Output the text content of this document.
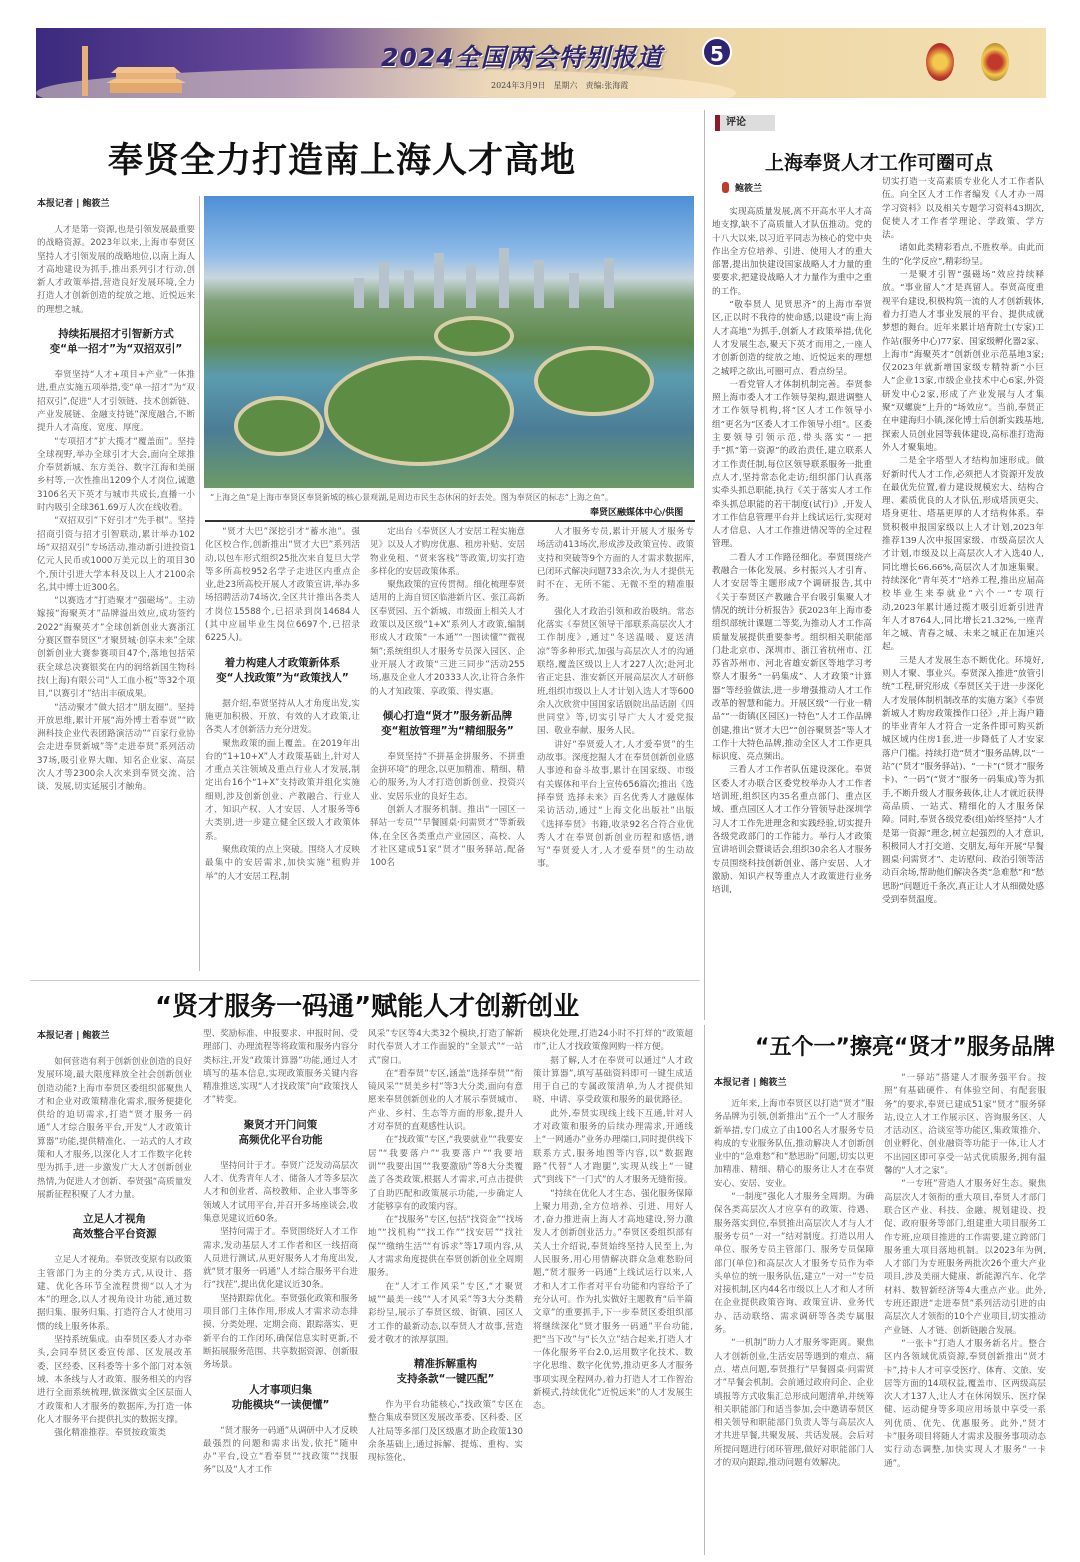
2024全国两会特别报道	5
2024年3月9日　星期六　责编:张海霞
奉贤全力打造南上海人才高地
本报记者 | 鲍筱兰

人才是第一资源,也是引领发展最重要的战略资源。2023年以来,上海市奉贤区坚持人才引领发展的战略地位,以南上海人才高地建设为抓手,推出系列引才行动,创新人才政策举措,营造良好发展环境,全力打造人才创新创造的绽放之地、近悦远来的理想之城。

持续拓展招才引智新方式
变“单一招才”为“双招双引”

奉贤坚持“人才+项目+产业”一体推进,重点实施五项举措,变“单一招才”为“双招双引”,促进“人才引领链、技术创新链、产业发展链、金融支持链”深度融合,不断提升人才高度、宽度、厚度。

“专项招才”扩大揽才“覆盖面”。坚持全球视野,举办全球引才大会,面向全球推介奉贤新城、东方美谷、数字江海和美丽乡村等,一次性推出1209个人才岗位,诚邀3106名天下英才与城市共成长,直播一小时内吸引全球361.69万人次在线收看。

“双招双引”下好引才“先手棋”。坚持招商引资与招才引智联动,累计举办102场“双招双引”专场活动,推动新引进投资1亿元人民币或1000万美元以上的项目30个,预计引进大学本科及以上人才2100余名,其中博士近300名。

“以赛选才”打造聚才“强磁场”。主动嫁接“海聚英才”品牌溢出效应,成功签约2022“海聚英才”全球创新创业大赛浙江分赛区暨奉贤区“才聚贤城·创享未来”全球创新创业大赛参赛项目47个,落地包括荣获全球总决赛银奖在内的润络新国生物科技(上海)有限公司“人工血小板”等32个项目,“以赛引才”结出丰硕成果。

“活动聚才”做大招才“朋友圈”。坚持开放思维,累计开展“海外博士看奉贤”“欧洲科技企业代表团路演活动”“百家行业协会走进奉贤新城”等“走进奉贤”系列活动37场,吸引业界大咖、知名企业家、高层次人才等2300余人次来到奉贤交流、洽谈、发展,切实延展引才触角。

“上海之鱼”是上海市奉贤区奉贤新城的核心景观湖,是周边市民生态休闲的好去处。图为奉贤区的标志“上海之鱼”。
奉贤区融媒体中心/供图

“贤才大巴”深挖引才“蓄水池”。强化区校合作,创新推出“贤才大巴”系列活动,以包车形式组织25批次来自复旦大学等多所高校952名学子走进区内重点企业,赴23所高校开展人才政策宣讲,举办多场招聘活动74场次,全区共计推出各类人才岗位15588个,已招录到岗14684人(其中应届毕业生岗位6697个,已招录6225人)。

着力构建人才政策新体系
变“人找政策”为“政策找人”

据介绍,奉贤坚持从人才角度出发,实施更加积极、开放、有效的人才政策,让各类人才创新活力充分迸发。

聚焦政策的面上覆盖。在2019年出台的“1+10+X”人才政策基础上,针对人才重点关注领域及重点行业人才发展,制定出台16个“1+X”支持政策并组化实施细则,涉及创新创业、产教融合、行业人才、知识产权、人才安居、人才服务等6大类别,进一步建立健全区级人才政策体系。

聚焦政策的点上突破。围绕人才反映最集中的安居需求,加快实施“租购并举”的人才安居工程,制

定出台《奉贤区人才安居工程实施意见》以及人才购房优惠、租房补贴、安居物业免租、“贤来客栈”等政策,切实打造多样化的安居政策体系。

聚焦政策的宣传贯彻。细化梳理奉贤适用的上海自贸区临港新片区、张江高新区奉贤园、五个新城、市级面上相关人才政策以及区级“1+X”系列人才政策,编制形成人才政策“一本通”“一图读懂”“微视频”;系统组织人才服务专员深入园区、企业开展人才政策“三进三同步”活动255场,惠及企业人才20333人次,让符合条件的人才知政策、享政策、得实惠。

倾心打造“贤才”服务新品牌
变“粗放管理”为“精细服务”

奉贤坚持“不拼基金拼服务、不拼重金拼环境”的理念,以更加精准、精细、精心的服务,为人才打造创新创业、投资兴业、安居乐业的良好生态。

创新人才服务机制。推出“一园区一驿站一专员”“早餐圆桌·问需贤才”等新载体,在全区各类重点产业园区、高校、人才社区建成51家“贤才”服务驿站,配备100名

人才服务专员,累计开展人才服务专场活动413场次,形成涉及政策宣传、政策支持和突破等9个方面的人才需求数据库,已闭环式解决问题733余次,为人才提供无时不在、无所不能、无微不至的精准服务。

强化人才政治引领和政治吸纳。常态化落实《奉贤区领导干部联系高层次人才工作制度》,通过“冬送温暖、夏送清凉”等多种形式,加强与高层次人才的沟通联络,覆盖区级以上人才227人次;赴河北省正定县、淮安新区开展高层次人才研修班,组织市级以上人才计划入选人才等600余人次欣赏中国国家话剧院出品话剧《四世同堂》等,切实引导广大人才爱党报国、敬业奉献、服务人民。

讲好“奉贤爱人才,人才爱奉贤”的生动故事。深度挖掘人才在奉贤创新创业感人事迹和奋斗故事,累计在国家级、市级有关媒体和平台上宣传656篇次;推出《选择奉贤 选择未来》百名优秀人才融媒体采访活动,通过“上海文化出版社”出版《选择奉贤》书籍,收录92名合符合业优秀人才在奉贤创新创业历程和感悟,谱写“奉贤爱人才,人才爱奉贤”的生动故事。

评论
上海奉贤人才工作可圈可点
鲍筱兰

实现高质量发展,离不开高水平人才高地支撑,缺不了高质量人才队伍推动。党的十八大以来,以习近平同志为核心的党中央作出全方位培养、引进、使用人才的重大部署,提出加快建设国家战略人才力量的重要要求,把建设战略人才力量作为重中之重的工作。

“敬奉贤人 见贤思齐”的上海市奉贤区,正以时不我待的使命感,以建设“南上海人才高地”为抓手,创新人才政策举措,优化人才发展生态,聚天下英才而用之,一座人才创新创造的绽放之地、近悦远来的理想之城呼之欲出,可圈可点、看点纷呈。

一看党管人才体制机制完善。奉贤参照上海市委人才工作领导架构,跟进调整人才工作领导机构,将“区人才工作领导小组”更名为“区委人才工作领导小组”。区委主要领导引领示范,带头落实“一把手”抓“第一资源”的政治责任,建立联系人才工作责任制,每位区领导联系服务一批重点人才,坚持常态化走访;组织部门认真落实牵头抓总职能,执行《关于落实人才工作牵头抓总职能的若干制度(试行)》,开发人才工作信息管理平台并上线试运行,实现对人才信息、人才工作推进情况等的全过程管理。

二看人才工作路径细化。奉贤围绕产教融合一体化发展、乡村振兴人才引育、人才安居等主题形成7个调研报告,其中《关于奉贤区产教融合平台吸引集聚人才情况的统计分析报告》获2023年上海市委组织部统计课题二等奖,为推动人才工作高质量发展提供重要参考。组织相关职能部门赴北京市、深圳市、浙江省杭州市、江苏省苏州市、河北省雄安新区等地学习考察人才服务“一码集成”、人才政策“计算器”等经验做法,进一步增强推动人才工作改革的智慧和能力。开展区级“一行业一精品”“一街镇(区园区)一特色”人才工作品牌创建,推出“贤才大巴”“创谷聚贤荟”等人才工作十大特色品牌,推动全区人才工作更具标识度、亮点频出。

三看人才工作者队伍建设深化。奉贤区委人才办联合区委党校举办人才工作者培训班,组织区内35名重点部门、重点区域、重点园区人才工作分管领导赴深圳学习人才工作先进理念和实践经验,切实提升各级党政部门的工作能力。举行人才政策宣讲培训会暨谈话会,组织30余名人才服务专员围绕科技创新创业、落户安居、人才激励、知识产权等重点人才政策进行业务培训,

切实打造一支高素质专业化人才工作者队伍。向全区人才工作者编发《人才办一周学习资料》以及相关专题学习资料43期次,促使人才工作者学理论、学政策、学方法。

诸如此类精彩看点,不胜枚举。由此而生的“化学反应”,精彩纷呈。

一是聚才引智“强磁场”效应持续释放。“事业留人”才是真留人。奉贤高度重视平台建设,积极构筑一流的人才创新载体,着力打造人才事业发展的平台、提供成就梦想的舞台。近年来累计培育院士(专家)工作站(服务中心)77家、国家级孵化器2家、上海市“海聚英才”创新创业示范基地3家;仅2023年就新增国家级专精特新“小巨人”企业13家,市级企业技术中心6家,外资研发中心2家,形成了产业发展与人才集聚“双螺旋”上升的“场效应”。当前,奉贤正在申建海归小镇,深化博士后创新实践基地,探索人员创业园等载体建设,高标准打造海外人才聚集地。

二是全字塔型人才结构加速形成。做好新时代人才工作,必须把人才资源开发放在最优先位置,着力建设规模宏大、结构合理、素质优良的人才队伍,形成塔顶更尖、塔身更壮、塔基更厚的人才结构体系。奉贤积极申报国家级以上人才计划,2023年推荐139人次申报国家级、市级高层次人才计划,市级及以上高层次人才入选40人,同比增长66.66%,高层次人才加速集聚。持续深化“青年英才”培养工程,推出应届高校毕业生来奉就业“六个一”专项行动,2023年累计通过揽才吸引近新引进青年人才8764人,同比增长21.32%,一座青年之城、青春之城、未来之城正在加速兴起。

三是人才发展生态不断优化。环境好,则人才聚、事业兴。奉贤深入推进“放管引统”工程,研究形成《奉贤区关于进一步深化人才发展体制机制改革的实施方案》《奉贤新城人才购房政策操作口径》,并上海户籍的毕业青年人才符合一定条件即可购买新城区域内住房1套,进一步降低了人才安家落户门槛。持续打造“贤才”服务品牌,以“一站”(“贤才”服务驿站)、“一卡”(“贤才”服务卡)、“一码”(“贤才”服务一码集成)等为抓手,不断升级人才服务载体,让人才就近获得高品质、一站式、精细化的人才服务保障。同时,奉贤各级党委(组)始终坚持“人才是第一资源”理念,树立起强烈的人才意识,积极同人才打交道、交朋友,每年开展“早餐圆桌·问需贤才”、走访慰问、政治引领等活动百余场,帮助他们解决各类“急难愁”和“愁思盼”问题近千条次,真正让人才从细微处感受到奉贤温度。

“贤才服务一码通”赋能人才创新创业
本报记者 | 鲍筱兰

如何营造有利于创新创业创造的良好发展环境,最大限度释放全社会创新创业创造动能?上海市奉贤区委组织部聚焦人才和企业对政策精准化需求,服务便捷化供给的迫切需求,打造“贤才服务一码通”人才综合服务平台,开发“人才政策计算器”功能,提供精准化、一站式的人才政策和人才服务,以深化人才工作数字化转型为抓手,进一步激发广大人才创新创业热情,为促进人才创新、奉贤强“高质量发展新征程积聚了人才力量。

立足人才视角
高效整合平台资源

立足人才视角。奉贤改变原有以政策主管部门为主的分类方式,从设计、搭建、优化各环节全流程贯彻“以人才为本”的理念,以人才视角设计功能,通过数据归集、服务归集、打造符合人才使用习惯的线上服务体系。

坚持系统集成。由奉贤区委人才办牵头,会同奉贤区委宣传部、区发展改革委、区经委、区科委等十多个部门对本领域、本条线与人才政策、服务相关的内容进行全面系统梳理,做深做实全区层面人才政策和人才服务的数据库,为打造一体化人才服务平台提供扎实的数据支撑。

强化精准推荐。奉贤按政策类

型、奖励标准、申报要求、申报时间、受理部门、办理流程等将政策和服务内容分类标注,开发“政策计算器”功能,通过人才填写的基本信息,实现政策服务关键内容精准推送,实现“人才找政策”向“政策找人才”转变。

聚贤才开门问策
高频优化平台功能

坚持问计于才。奉贤广泛发动高层次人才、优秀青年人才、储备人才等多层次人才和创业者、高校教师、企业人事等多领域人才试用平台,并召开多场座谈会,收集意见建议近60条。

坚持问需于才。奉贤围绕好人才工作需求,发动基层人才工作者和区一线招商人员进行测试,从更好服务人才角度出发,就“贤才服务一码通”人才综合服务平台进行“找茬”,提出优化建议近30条。

坚持跟踪优化。奉贤强化政策和服务项目部门主体作用,形成人才需求动态排摸、分类处理、定期会商、跟踪落实、更新平台的工作闭环,确保信息实时更新,不断拓展服务范围、共享数据资源、创新服务场景。

人才事项归集
功能模块“一读便懂”

“贤才服务一码通”从调研中人才反映最强烈的问题和需求出发,依托“随申办”平台,设立“看奉贤”“找政策”“找服务”以及“人才工作

风采”专区等4大类32个模块,打造了解新时代奉贤人才工作面貌的“全景式”“一站式”窗口。

在“看奉贤”专区,涵盖“选择奉贤”“衔镜风采”“贤美乡村”等3大分类,面向有意愿来奉贤创新创业的人才展示奉贤城市、产业、乡村、生态等方面的形象,提升人才对奉贤的直观感性认识。

在“找政策”专区,“我要就业”“我要安居”“我要落户”“我要落户”“我要培训”“我要出国”“我要激励”等8大分类覆盖了各类政策,根据人才需求,可点击提供了自助匹配和政策展示功能,一步确定人才能够享有的政策内容。

在“找服务”专区,包括“找资金”“找场地”“找机构”“找工作”“找安居”“找社保”“缴纳生活”“有诉求”等17项内容,从人才需求角度提供在奉贤创新创业全周期服务。

在“人才工作风采”专区,“才聚贤城”“最美一线”“人才风采”等3大分类精彩纷呈,展示了奉贤区级、街镇、园区人才工作的最新动态,以奉贤人才故事,营造爱才敬才的浓厚氛围。

精准拆解重构
支持条款“一键匹配”

作为平台功能核心,“找政策”专区在整合集成奉贤区发展改革委、区科委、区人社局等多部门及区级惠才助企政策130余条基础上,通过拆解、提炼、重构、实现标签化、

模块化处理,打造24小时不打烊的“政策超市”,让人才找政策像网购一样方便。

据了解,人才在奉贤可以通过“人才政策计算器”,填写基础资料即可一键生成适用于自己的专属政策清单,为人才提供知晓、申请、享受政策和服务的最优路径。

此外,奉贤实现线上线下互通,针对人才对政策和服务的后续办理需求,开通线上“一网通办”业务办理端口,同时提供线下联系方式,服务地图等内容,以“数据跑路”代替“人才跑腿”,实现从线上“一键式”到线下“一门式”的人才服务无缝衔接。

“持续在优化人才生态、强化服务保障上聚力用劲,全方位培养、引进、用好人才,奋力推进南上海人才高地建设,努力激发人才创新创业活力。”奉贤区委组织部有关人士介绍说,奉贤始终坚持人民至上,为人民服务,用心用情解决群众急难愁盼问题,“贤才服务一码通”上线试运行以来,人才和人才工作者对平台功能和内容给予了充分认可。作为扎实做好主题教育“后半篇文章”的重要抓手,下一步奉贤区委组织部将继续深化“贤才服务一码通”平台功能,把“当下改”与“长久立”结合起来,打造人才一体化服务平台2.0,运用数字化技术、数字化思维、数字化优势,推动更多人才服务事项实现全程网办,着力打造人才工作智治新模式,持续优化“近悦远来”的人才发展生态。

“五个一”擦亮“贤才”服务品牌
本报记者 | 鲍筱兰

近年来,上海市奉贤区以打造“贤才”服务品牌为引领,创新推出“五个一”人才服务新举措,专门成立了由100名人才服务专员构成的专业服务队伍,推动解决人才创新创业中的“急难愁”和“愁思盼”问题,切实以更加精准、精细、精心的服务让人才在奉贤安心、安居、安业。

“一制度”强化人才服务全周期。为确保各类高层次人才应享有的政策、待遇、服务落实到位,奉贤推出高层次人才与人才服务专员“一对一”结对制度。打造以用人单位、服务专员主管部门、服务专员保障部门(单位)和高层次人才服务专员作为牵头单位的统一服务队伍,建立“一对一”专员对接机制,区内44名市级以上人才和人才所在企业提供政策咨询、政策宣讲、业务代办、活动联络、需求调研等各类专属服务。

“一机制”助力人才服务零距离。聚焦人才创新创业,生活安居等遇到的难点、痛点、堵点问题,奉贤推行“早餐圆桌·问需贤才”早餐会机制。会前通过政府问企、企业填报等方式收集汇总形成问题清单,并统筹相关职能部门和适当参加,会中邀请奉贤区相关领导和职能部门负责人等与高层次人才共进早餐,共聚发展、共话发展。会后对所提问题进行闭环管理,做好对职能部门人才的双向跟踪,推动问题有效解决。

“一驿站”搭建人才服务强平台。按照“有基础硬件、有体验空间、有配套服务”的要求,奉贤已建成51家“贤才”服务驿站,设立人才工作展示区、咨询服务区、人才活动区、洽谈室等功能区,集政策推介、创业孵化、创业融资等功能于一体,让人才不出园区即可享受一站式优质服务,拥有温馨的“人才之家”。

“一专班”营造人才服务好生态。聚焦高层次人才领衔的重大项目,奉贤人才部门联合区产业、科技、金融、规划建设、投促、政府服务等部门,组建重大项目服务工作专班,应项目推进的工作需要,建立跨部门服务重大项目落地机制。以2023年为例,人才部门为专班服务两批次26个重大产业项目,涉及美丽大健康、新能源汽车、化学材料、数智新经济等4大重点产业。此外,专班还跟进“走进奉贤”系列活动引进的由高层次人才领衔的10个产业项目,切实推动产业链、人才链、创新链融合发展。

“一张卡”打造人才服务新名片。整合区内各领域优质资源,奉贤创新推出“贤才卡”,持卡人才可享受医疗、体育、文旅、安居等方面的14项权益,覆盖市、区两级高层次人才137人,让人才在休闲娱乐、医疗保健、运动健身等多项应用场景中享受一系列优质、优先、优惠服务。此外,“贤才卡”服务项目将随人才需求及服务事项动态实行动态调整,加快实现人才服务“一卡通”。
